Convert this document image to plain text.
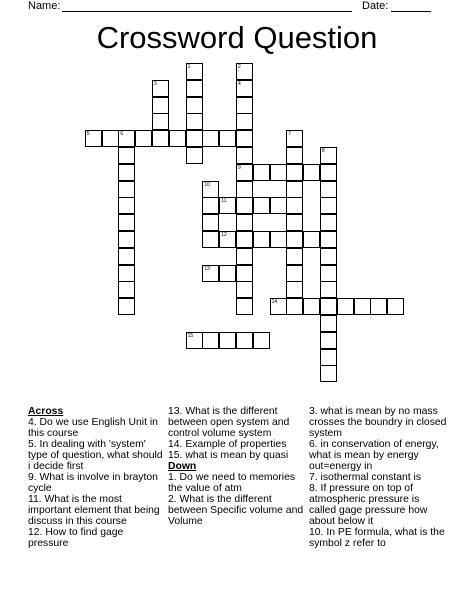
Name:	Date:
Crossword Question
1	2
4
9
3
5	6	7
8
10
11
12
13
14
15
Across
4. Do we use English Unit in this course
5. In dealing with 'system' type of question, what should i decide first
9. What is involve in brayton cycle
11. What is the most important element that being discuss in this course
12. How to find gage pressure
13. What is the different between open system and control volume system
14. Example of properties
15. what is mean by quasi
Down
1. Do we need to memories the value of atm
2. What is the different between Specific volume and Volume
3. what is mean by no mass crosses the boundry in closed system
6. in conservation of energy, what is mean by energy out=energy in
7. isothermal constant is
8. If pressure on top of atmospheric pressure is called gage pressure how about below it
10. In PE formula, what is the symbol z refer to
